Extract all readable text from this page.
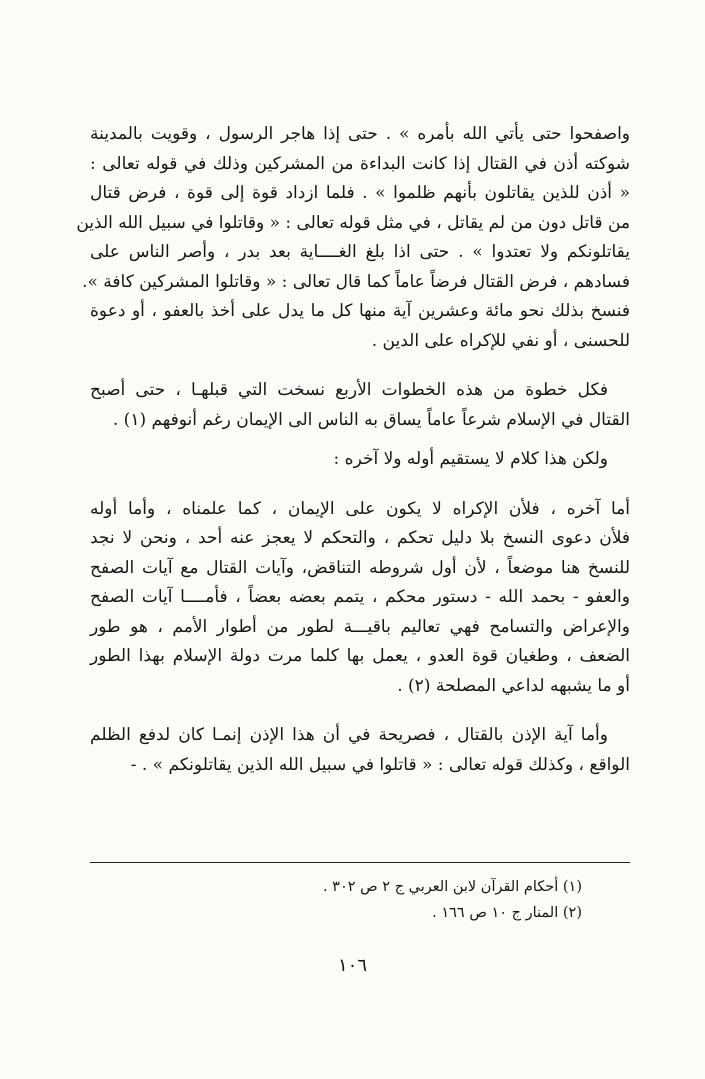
واصفحوا حتى يأتي الله بأمره » . حتى إذا هاجر الرسول ، وقويت بالمدينة
شوكته أذن في القتال إذا كانت البداءة من المشركين وذلك في قوله تعالى :
« أذن للذين يقاتلون بأنهم ظلموا » . فلما ازداد قوة إلى قوة ، فرض قتال
من قاتل دون من لم يقاتل ، في مثل قوله تعالى : « وقاتلوا في سبيل الله الذين
يقاتلونكم ولا تعتدوا » . حتى اذا بلغ الغــــاية بعد بدر ، وأصر الناس على
فسادهم ، فرض القتال فرضاً عاماً كما قال تعالى : « وقاتلوا المشركين كافة ».
فنسخ بذلك نحو مائة وعشرين آية منها كل ما يدل على أخذ بالعفو ، أو دعوة
للحسنى ، أو نفي للإكراه على الدين .
فكل خطوة من هذه الخطوات الأربع نسخت التي قبلهـا ، حتى أصبح
القتال في الإسلام شرعاً عاماً يساق به الناس الى الإيمان رغم أنوفهم (١) .
ولكن هذا كلام لا يستقيم أوله ولا آخره :
أما آخره ، فلأن الإكراه لا يكون على الإيمان ، كما علمناه ، وأما أوله
فلأن دعوى النسخ بلا دليل تحكم ، والتحكم لا يعجز عنه أحد ، ونحن لا نجد
للنسخ هنا موضعاً ، لأن أول شروطه التناقض، وآيات القتال مع آيات الصفح
والعفو - بحمد الله - دستور محكم ، يتمم بعضه بعضاً ، فأمــــا آيات الصفح
والإعراض والتسامح فهي تعاليم باقيـــة لطور من أطوار الأمم ، هو طور
الضعف ، وطغيان قوة العدو ، يعمل بها كلما مرت دولة الإسلام بهذا الطور
أو ما يشبهه لداعي المصلحة (٢) .
وأما آية الإذن بالقتال ، فصريحة في أن هذا الإذن إنمـا كان لدفع الظلم
الواقع ، وكذلك قوله تعالى : « قاتلوا في سبيل الله الذين يقاتلونكم » . -
(١) أحكام القرآن لابن العربي ج ٢ ص ٣٠٢ .
(٢) المنار ج ١٠ ص ١٦٦ .
١٠٦
